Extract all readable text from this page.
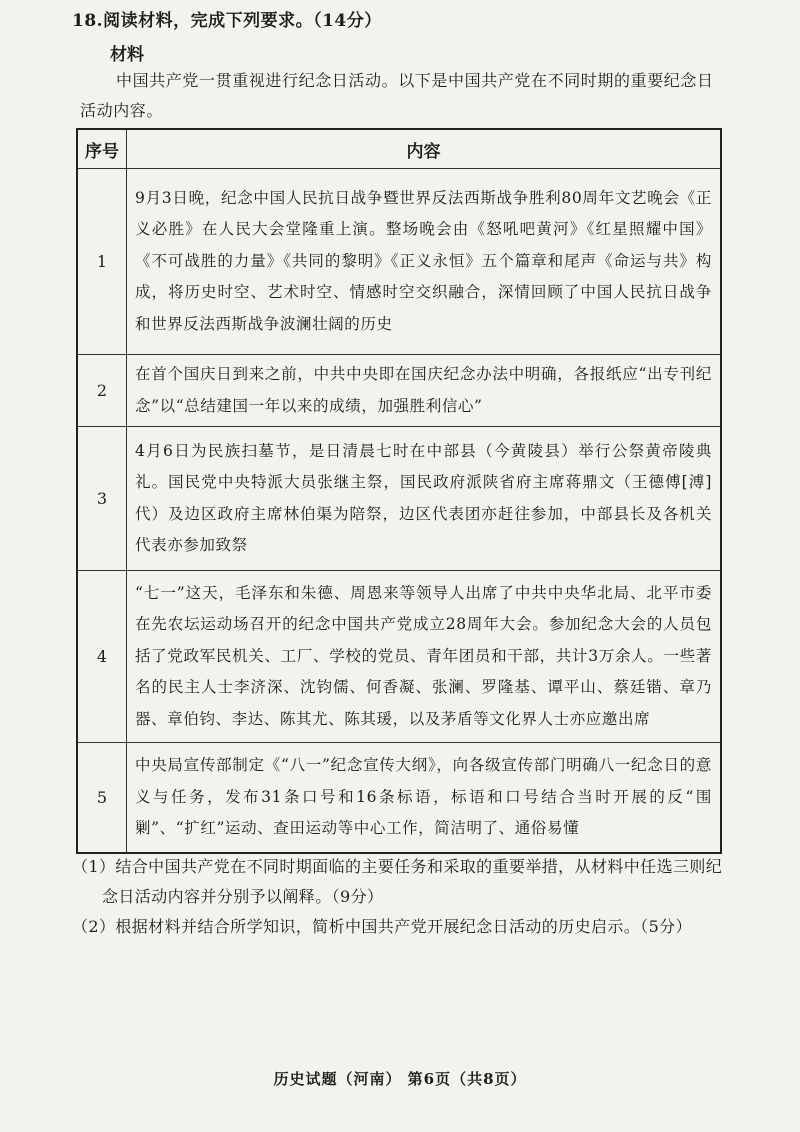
18.阅读材料，完成下列要求。（14分）
材料
中国共产党一贯重视进行纪念日活动。以下是中国共产党在不同时期的重要纪念日活动内容。
序号	内容
1	9月3日晚，纪念中国人民抗日战争暨世界反法西斯战争胜利80周年文艺晚会《正义必胜》在人民大会堂隆重上演。整场晚会由《怒吼吧黄河》《红星照耀中国》《不可战胜的力量》《共同的黎明》《正义永恒》五个篇章和尾声《命运与共》构成，将历史时空、艺术时空、情感时空交织融合，深情回顾了中国人民抗日战争和世界反法西斯战争波澜壮阔的历史
2	在首个国庆日到来之前，中共中央即在国庆纪念办法中明确，各报纸应“出专刊纪念”以“总结建国一年以来的成绩，加强胜利信心”
3	4月6日为民族扫墓节，是日清晨七时在中部县（今黄陵县）举行公祭黄帝陵典礼。国民党中央特派大员张继主祭，国民政府派陕省府主席蒋鼎文（王德傅[溥]代）及边区政府主席林伯渠为陪祭，边区代表团亦赶往参加，中部县长及各机关代表亦参加致祭
4	“七一”这天，毛泽东和朱德、周恩来等领导人出席了中共中央华北局、北平市委在先农坛运动场召开的纪念中国共产党成立28周年大会。参加纪念大会的人员包括了党政军民机关、工厂、学校的党员、青年团员和干部，共计3万余人。一些著名的民主人士李济深、沈钧儒、何香凝、张澜、罗隆基、谭平山、蔡廷锴、章乃器、章伯钧、李达、陈其尤、陈其瑗，以及茅盾等文化界人士亦应邀出席
5	中央局宣传部制定《“八一”纪念宣传大纲》，向各级宣传部门明确八一纪念日的意义与任务，发布31条口号和16条标语，标语和口号结合当时开展的反“围剿”、“扩红”运动、查田运动等中心工作，简洁明了、通俗易懂

（1）结合中国共产党在不同时期面临的主要任务和采取的重要举措，从材料中任选三则纪念日活动内容并分别予以阐释。（9分）

（2）根据材料并结合所学知识，简析中国共产党开展纪念日活动的历史启示。（5分）

历史试题（河南） 第6页（共8页）
